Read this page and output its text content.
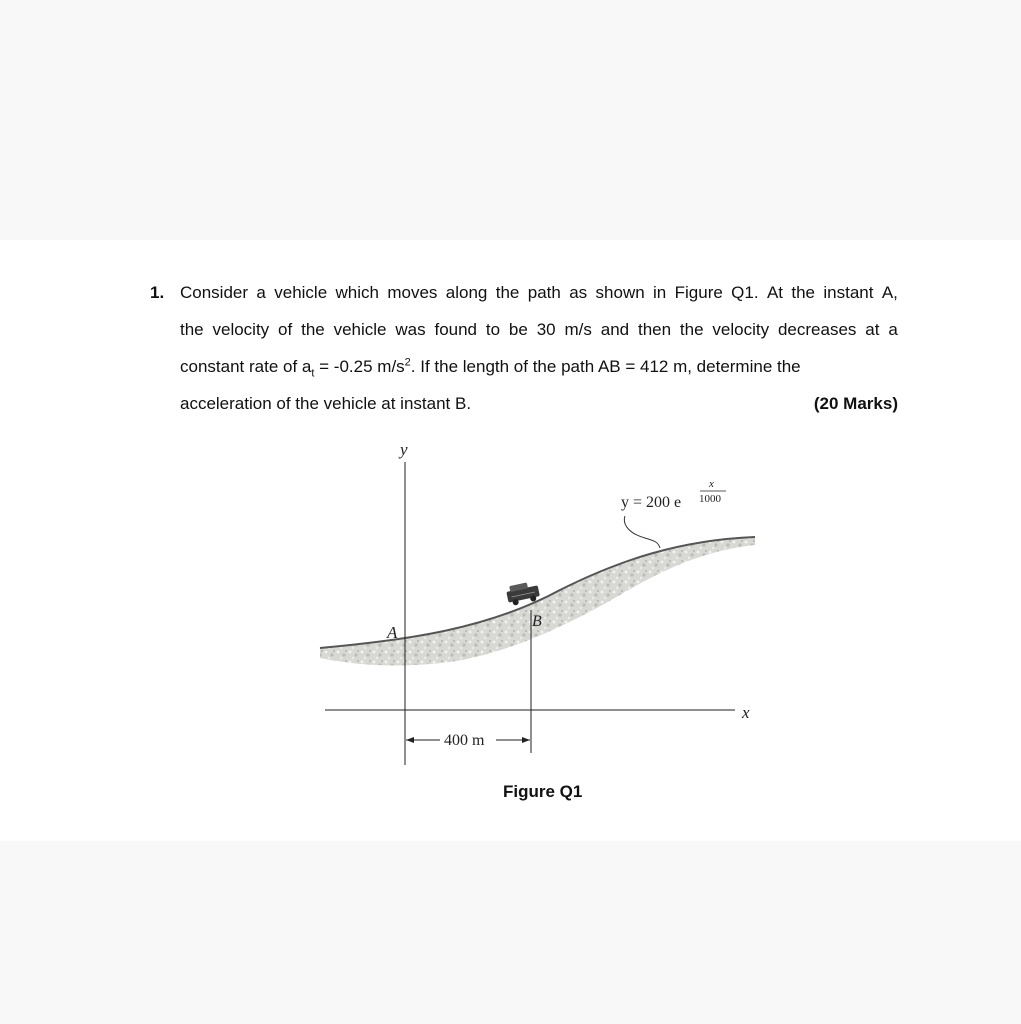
1. Consider a vehicle which moves along the path as shown in Figure Q1. At the instant A,
the velocity of the vehicle was found to be 30 m/s and then the velocity decreases at a
constant rate of $a_t = -0.25$ $m/s^2$. If the length of the path AB = 412 m, determine the
acceleration of the vehicle at instant B.	(20 Marks)
y
x
A
B
y = 200 e
x
1000
400 m
Figure Q1
